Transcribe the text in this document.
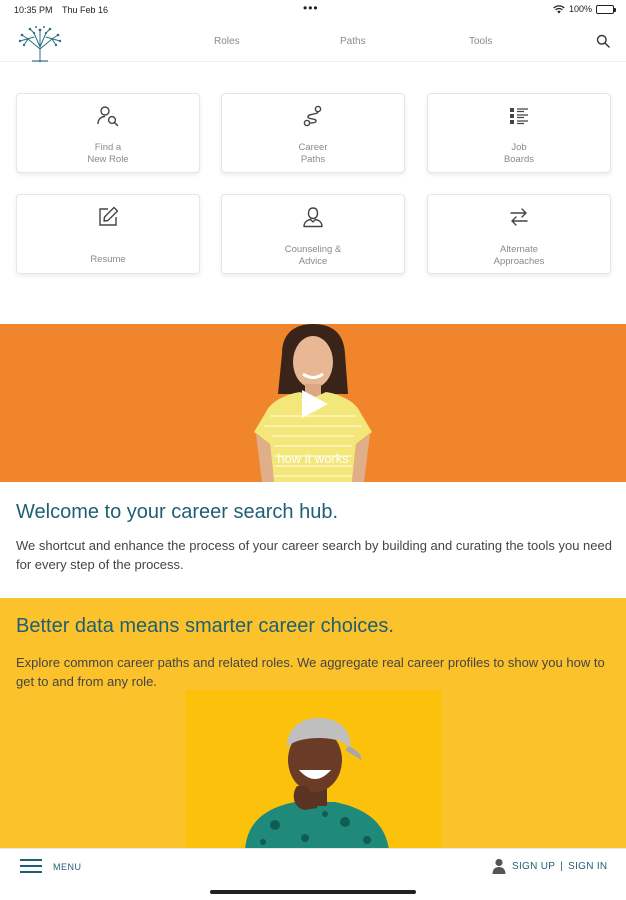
10:35 PM Thu Feb 16	•••	100%
Roles	Paths	Tools
Find a
New Role
Career
Paths
Job
Boards
Resume
Counseling &
Advice
Alternate
Approaches
how it works
Welcome to your career search hub.

We shortcut and enhance the process of your career search by building and curating the tools you need for every step of the process.

Better data means smarter career choices.

Explore common career paths and related roles. We aggregate real career profiles to show you how to get to and from any role.

MENU	SIGN UP | SIGN IN
